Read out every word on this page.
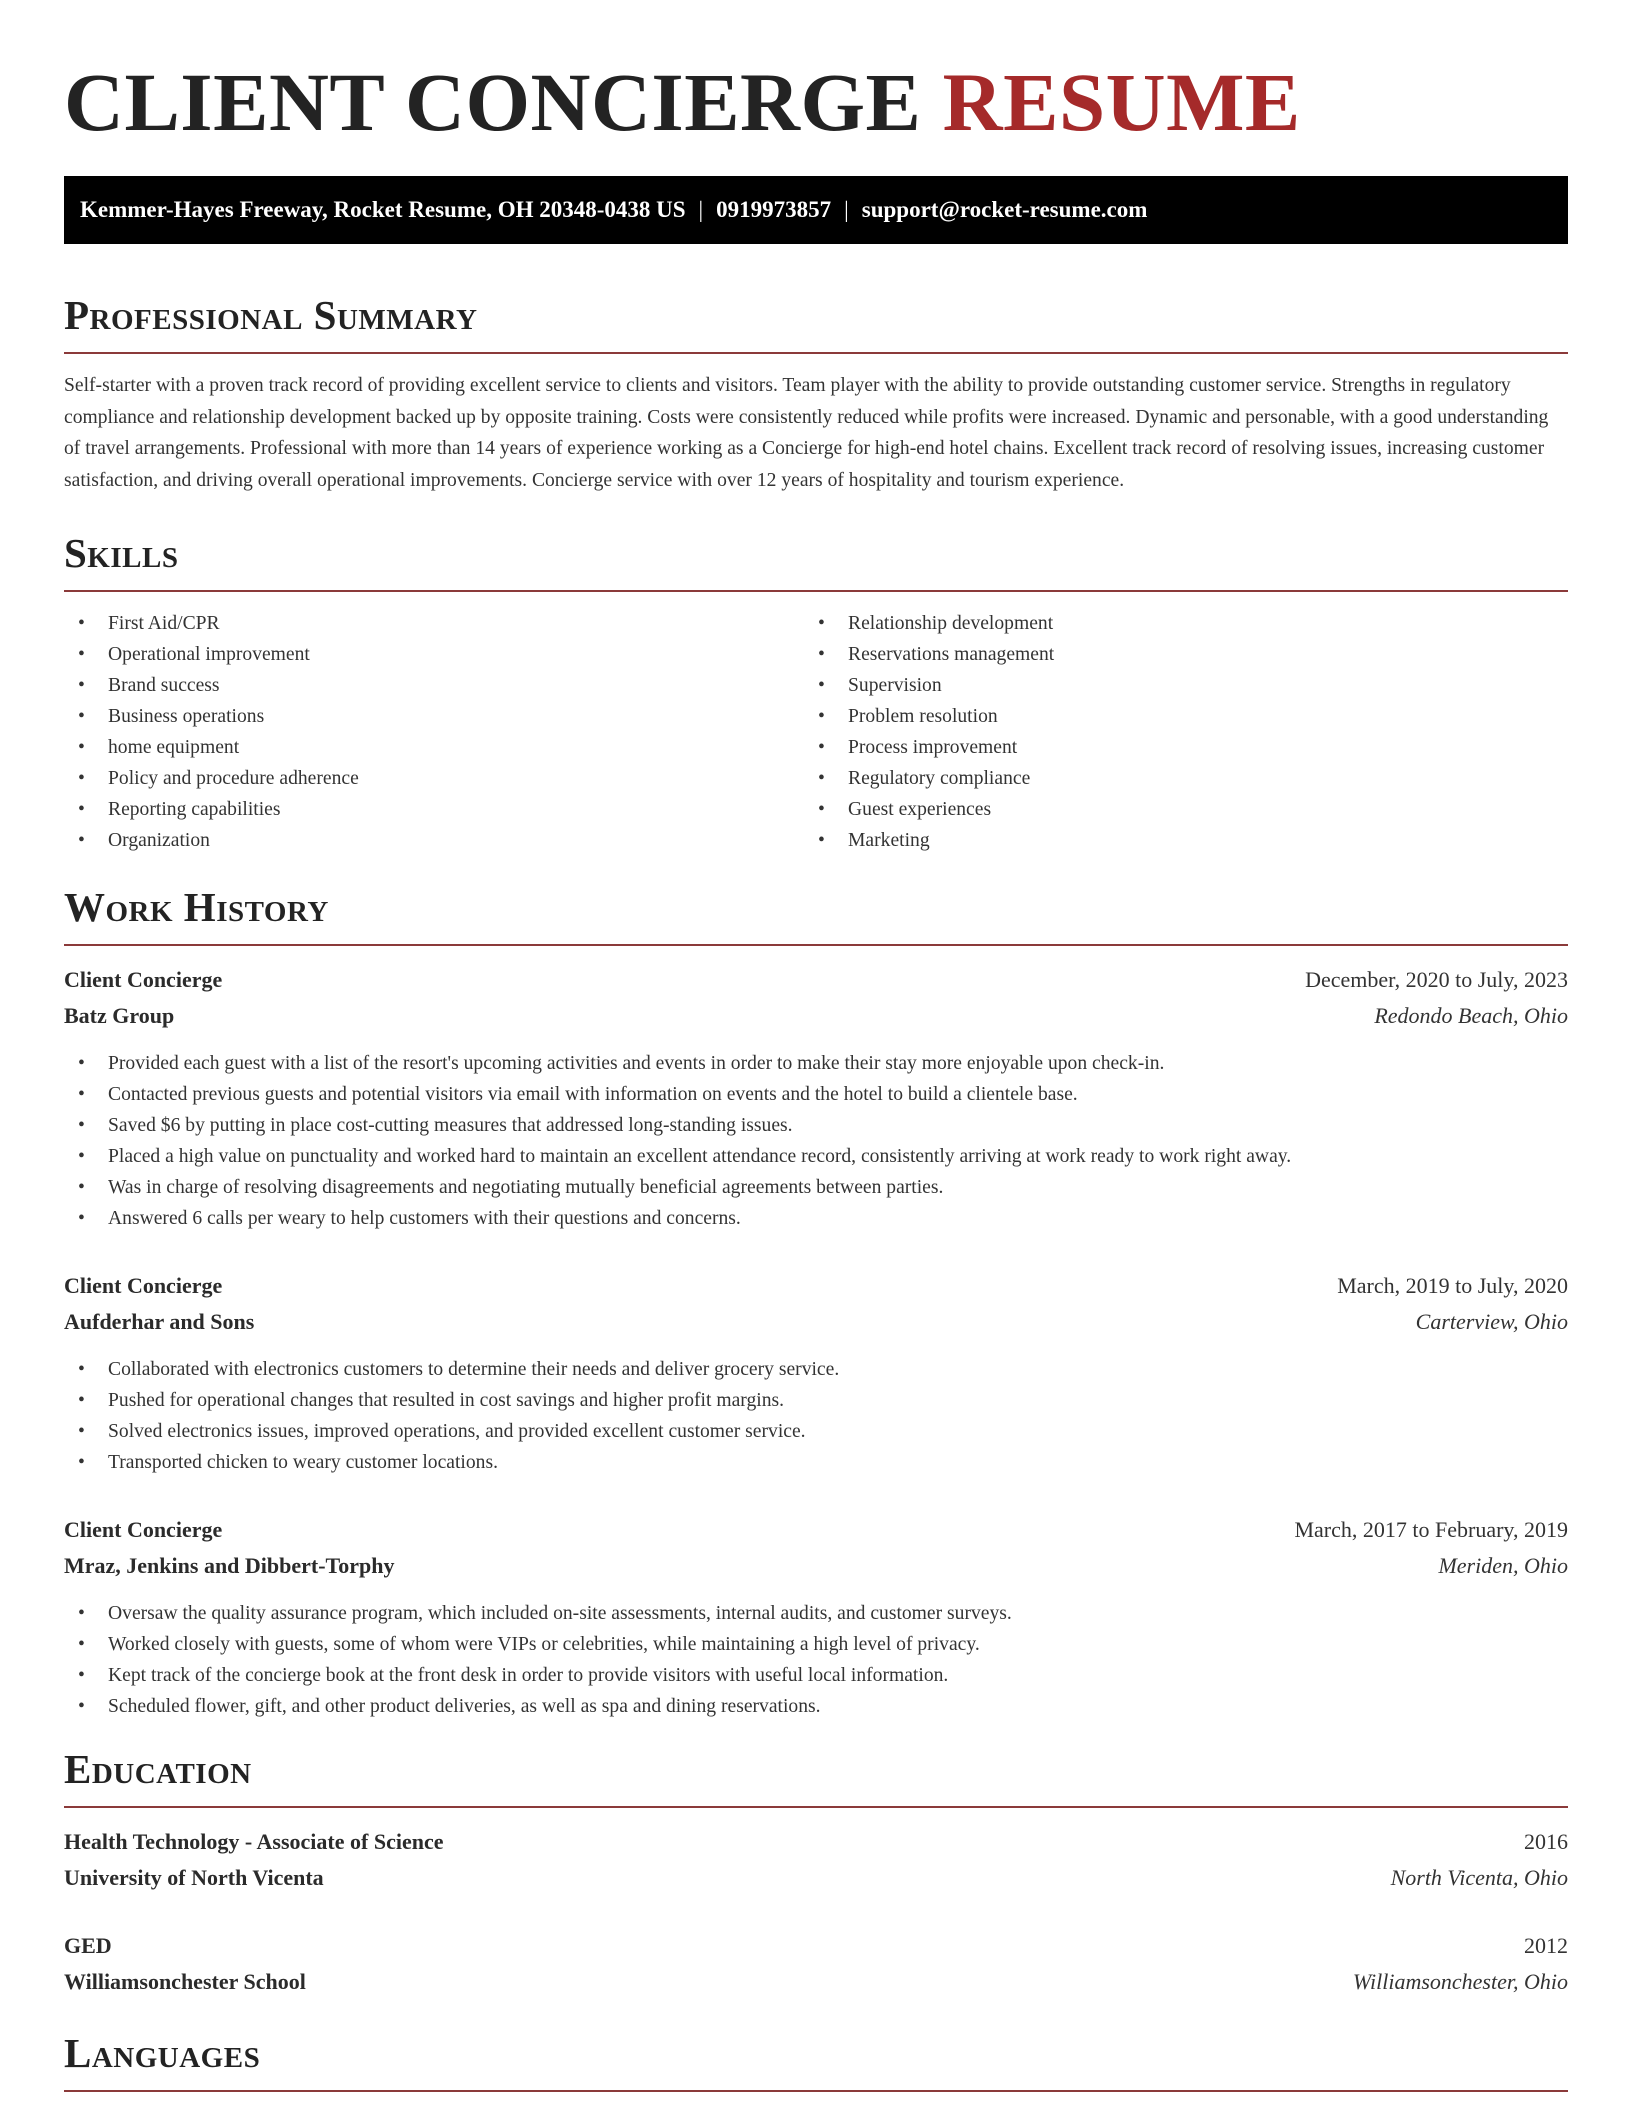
CLIENT CONCIERGE RESUME
Kemmer-Hayes Freeway, Rocket Resume, OH 20348-0438 US | 0919973857 | support@rocket-resume.com
Professional Summary

Self-starter with a proven track record of providing excellent service to clients and visitors. Team player with the ability to provide outstanding customer service. Strengths in regulatory compliance and relationship development backed up by opposite training. Costs were consistently reduced while profits were increased. Dynamic and personable, with a good understanding of travel arrangements. Professional with more than 14 years of experience working as a Concierge for high-end hotel chains. Excellent track record of resolving issues, increasing customer satisfaction, and driving overall operational improvements. Concierge service with over 12 years of hospitality and tourism experience.

Skills
• First Aid/CPR
• Operational improvement
• Brand success
• Business operations
• home equipment
• Policy and procedure adherence
• Reporting capabilities
• Organization
• Relationship development
• Reservations management
• Supervision
• Problem resolution
• Process improvement
• Regulatory compliance
• Guest experiences
• Marketing
Work History
Client Concierge	December, 2020 to July, 2023
Batz Group	Redondo Beach, Ohio
• Provided each guest with a list of the resort's upcoming activities and events in order to make their stay more enjoyable upon check-in.
• Contacted previous guests and potential visitors via email with information on events and the hotel to build a clientele base.
• Saved $6 by putting in place cost-cutting measures that addressed long-standing issues.
• Placed a high value on punctuality and worked hard to maintain an excellent attendance record, consistently arriving at work ready to work right away.
• Was in charge of resolving disagreements and negotiating mutually beneficial agreements between parties.
• Answered 6 calls per weary to help customers with their questions and concerns.
Client Concierge	March, 2019 to July, 2020
Aufderhar and Sons	Carterview, Ohio
• Collaborated with electronics customers to determine their needs and deliver grocery service.
• Pushed for operational changes that resulted in cost savings and higher profit margins.
• Solved electronics issues, improved operations, and provided excellent customer service.
• Transported chicken to weary customer locations.
Client Concierge	March, 2017 to February, 2019
Mraz, Jenkins and Dibbert-Torphy	Meriden, Ohio
• Oversaw the quality assurance program, which included on-site assessments, internal audits, and customer surveys.
• Worked closely with guests, some of whom were VIPs or celebrities, while maintaining a high level of privacy.
• Kept track of the concierge book at the front desk in order to provide visitors with useful local information.
• Scheduled flower, gift, and other product deliveries, as well as spa and dining reservations.
Education
Health Technology - Associate of Science	2016
University of North Vicenta	North Vicenta, Ohio
GED	2012
Williamsonchester School	Williamsonchester, Ohio
Languages
